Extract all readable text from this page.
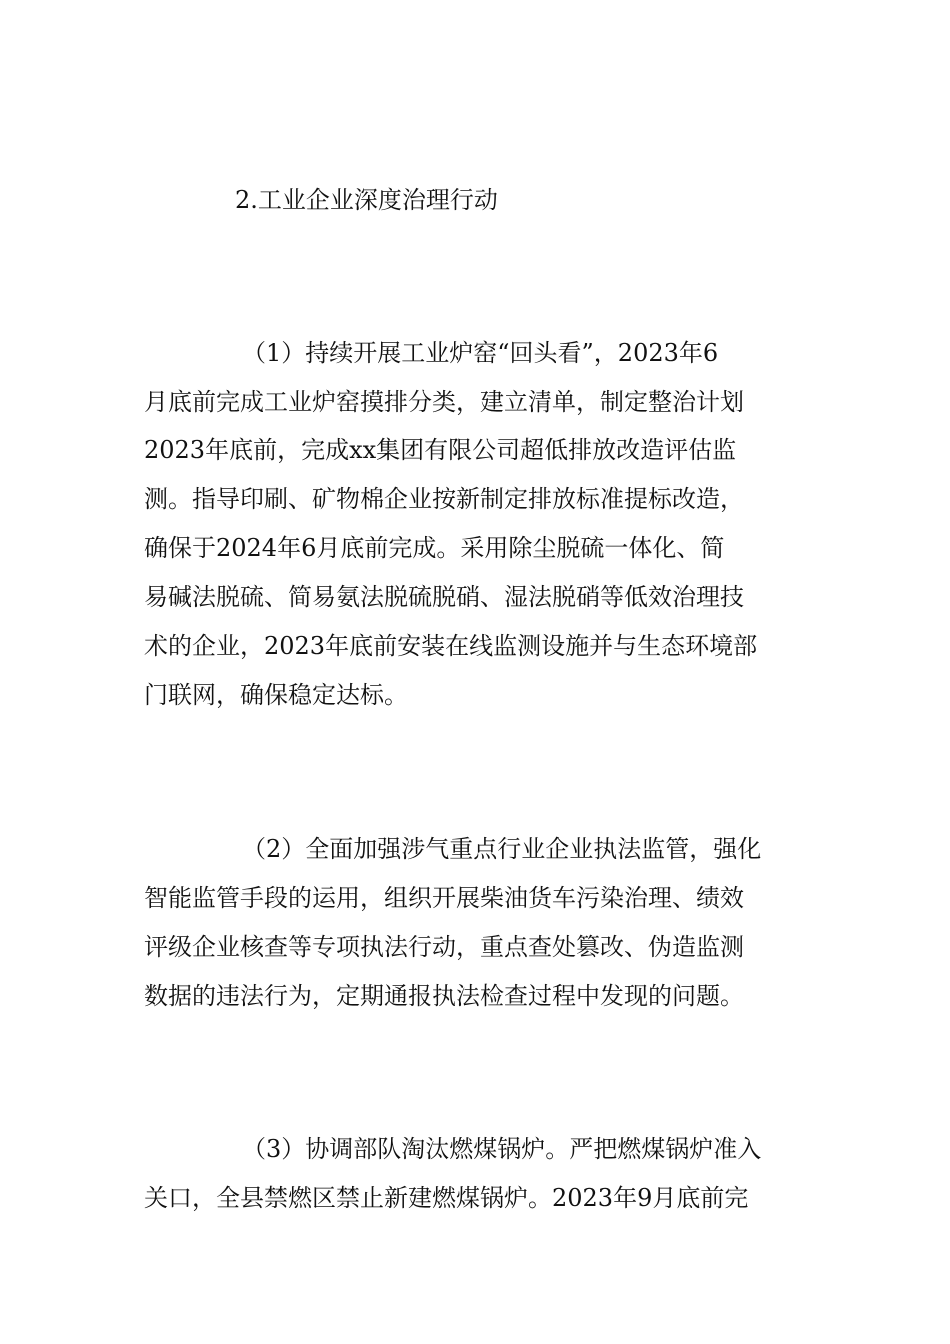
2.工业企业深度治理行动

（1）持续开展工业炉窑“回头看”，2023年6

月底前完成工业炉窑摸排分类，建立清单，制定整治计划

2023年底前，完成xx集团有限公司超低排放改造评估监

测。指导印刷、矿物棉企业按新制定排放标准提标改造，

确保于2024年6月底前完成。采用除尘脱硫一体化、简

易碱法脱硫、简易氨法脱硫脱硝、湿法脱硝等低效治理技

术的企业，2023年底前安装在线监测设施并与生态环境部

门联网，确保稳定达标。

（2）全面加强涉气重点行业企业执法监管，强化

智能监管手段的运用，组织开展柴油货车污染治理、绩效

评级企业核查等专项执法行动，重点查处篡改、伪造监测

数据的违法行为，定期通报执法检查过程中发现的问题。

（3）协调部队淘汰燃煤锅炉。严把燃煤锅炉准入

关口，全县禁燃区禁止新建燃煤锅炉。2023年9月底前完
